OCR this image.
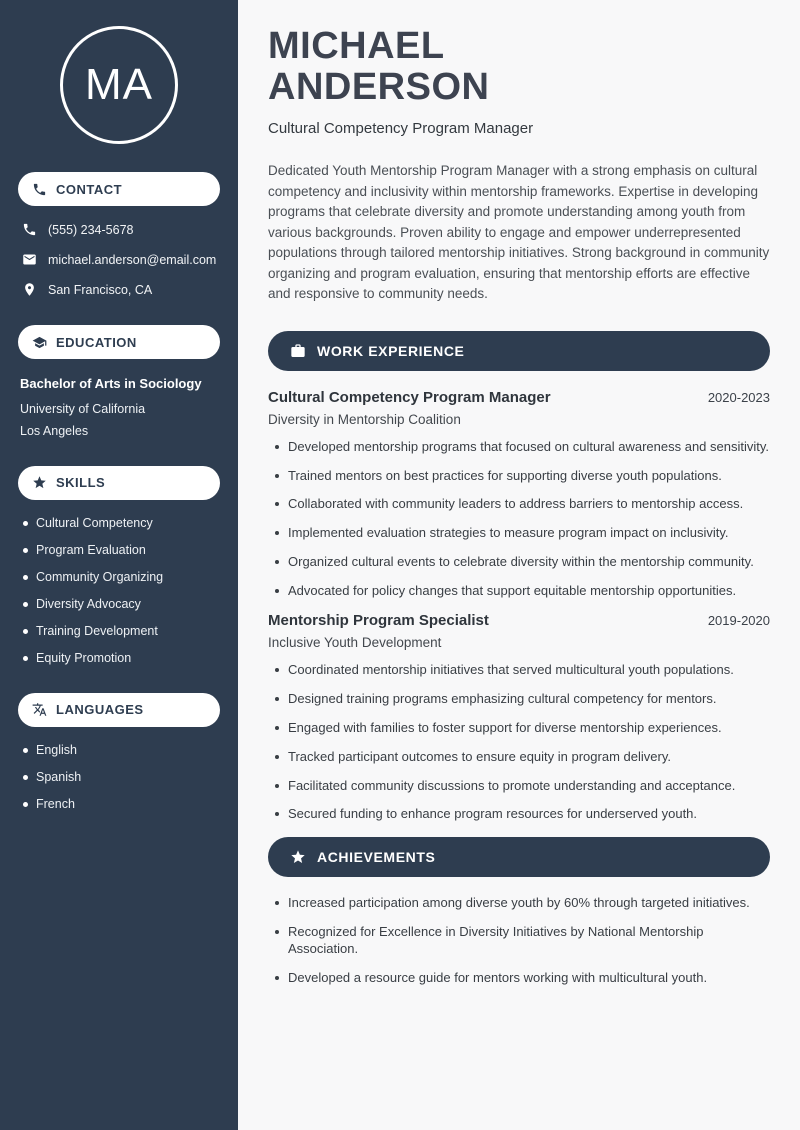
MA
CONTACT
(555) 234-5678
michael.anderson@email.com
San Francisco, CA
EDUCATION
Bachelor of Arts in Sociology
University of California
Los Angeles
SKILLS
Cultural Competency
Program Evaluation
Community Organizing
Diversity Advocacy
Training Development
Equity Promotion
LANGUAGES
English
Spanish
French
MICHAEL
ANDERSON
Cultural Competency Program Manager

Dedicated Youth Mentorship Program Manager with a strong emphasis on cultural competency and inclusivity within mentorship frameworks. Expertise in developing programs that celebrate diversity and promote understanding among youth from various backgrounds. Proven ability to engage and empower underrepresented populations through tailored mentorship initiatives. Strong background in community organizing and program evaluation, ensuring that mentorship efforts are effective and responsive to community needs.

WORK EXPERIENCE
Cultural Competency Program Manager	2020-2023
Diversity in Mentorship Coalition
Developed mentorship programs that focused on cultural awareness and sensitivity.
Trained mentors on best practices for supporting diverse youth populations.
Collaborated with community leaders to address barriers to mentorship access.
Implemented evaluation strategies to measure program impact on inclusivity.
Organized cultural events to celebrate diversity within the mentorship community.
Advocated for policy changes that support equitable mentorship opportunities.
Mentorship Program Specialist	2019-2020
Inclusive Youth Development
Coordinated mentorship initiatives that served multicultural youth populations.
Designed training programs emphasizing cultural competency for mentors.
Engaged with families to foster support for diverse mentorship experiences.
Tracked participant outcomes to ensure equity in program delivery.
Facilitated community discussions to promote understanding and acceptance.
Secured funding to enhance program resources for underserved youth.
ACHIEVEMENTS
Increased participation among diverse youth by 60% through targeted initiatives.
Recognized for Excellence in Diversity Initiatives by National Mentorship Association.
Developed a resource guide for mentors working with multicultural youth.
